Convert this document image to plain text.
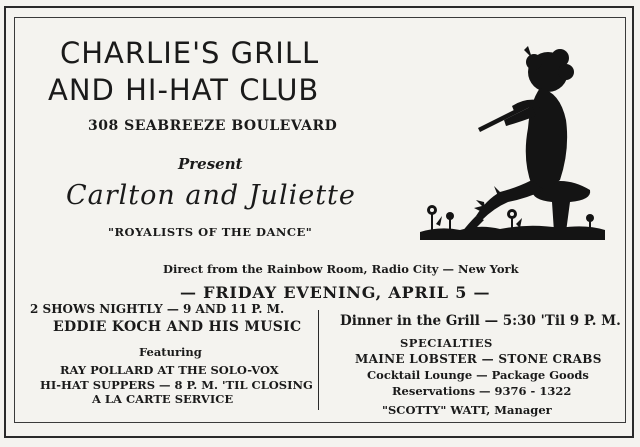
CHARLIE'S GRILL
AND HI-HAT CLUB
308 SEABREEZE BOULEVARD
Present
Carlton and Juliette
"ROYALISTS OF THE DANCE"
Direct from the Rainbow Room, Radio City — New York
— FRIDAY EVENING, APRIL 5 —
2 SHOWS NIGHTLY — 9 AND 11 P. M.
EDDIE KOCH AND HIS MUSIC
Featuring
RAY POLLARD AT THE SOLO-VOX
HI-HAT SUPPERS — 8 P. M. 'TIL CLOSING
A LA CARTE SERVICE
Dinner in the Grill — 5:30 'Til 9 P. M.
SPECIALTIES
MAINE LOBSTER — STONE CRABS
Cocktail Lounge — Package Goods
Reservations — 9376 - 1322
"SCOTTY" WATT, Manager
